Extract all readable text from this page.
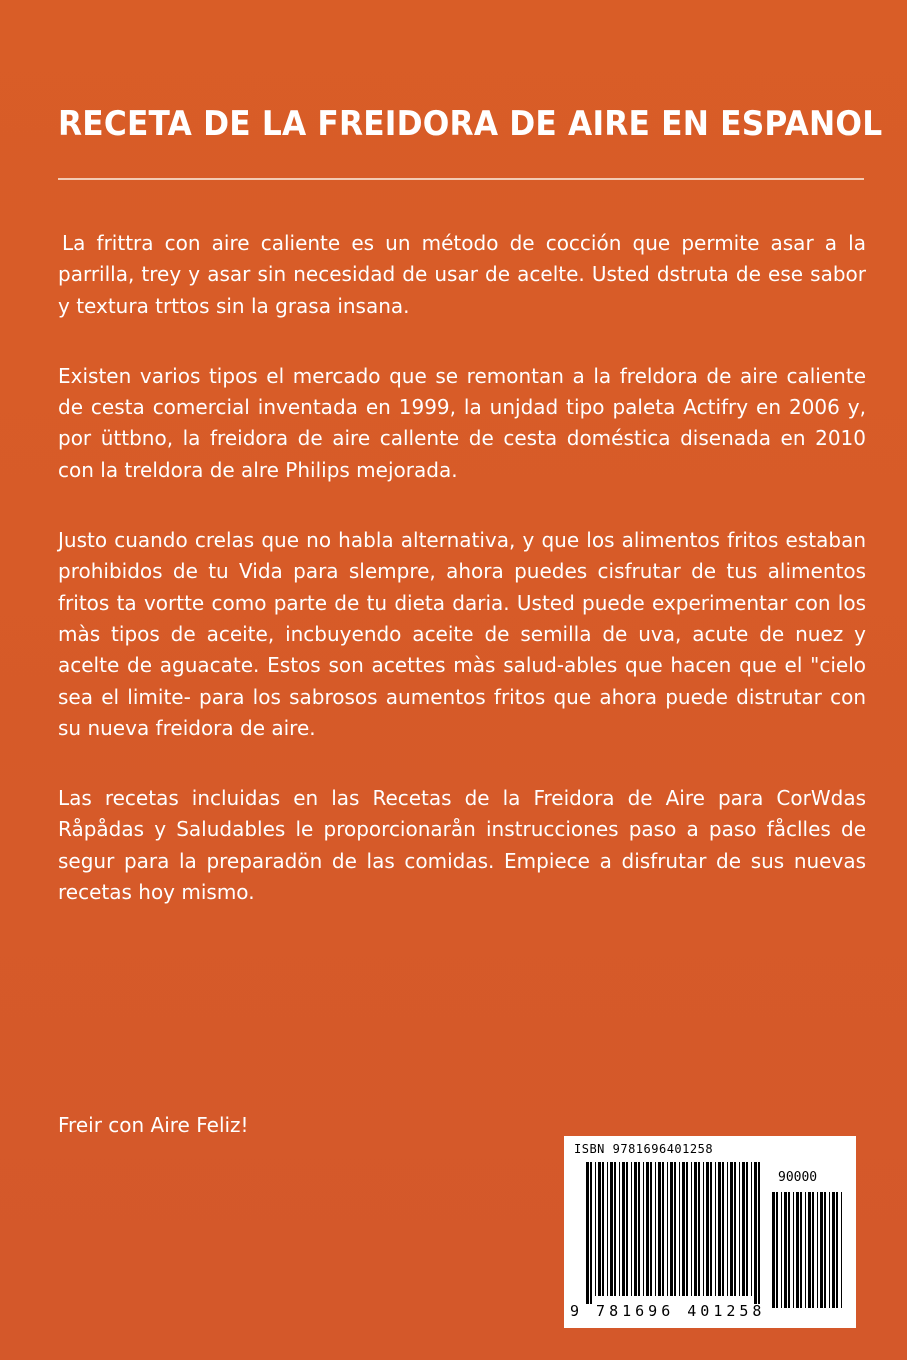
RECETA DE LA FREIDORA DE AIRE EN ESPANOL

La frittra con aire caliente es un método de cocción que permite asar a la parrilla, trey y asar sin necesidad de usar de acelte. Usted dstruta de ese sabor y textura trttos sin la grasa insana.

Existen varios tipos el mercado que se remontan a la freldora de aire caliente de cesta comercial inventada en 1999, la unjdad tipo paleta Actifry en 2006 y, por üttbno, la freidora de aire callente de cesta doméstica disenada en 2010 con la treldora de alre Philips mejorada.

Justo cuando crelas que no habla alternativa, y que los alimentos fritos estaban prohibidos de tu Vida para slempre, ahora puedes cisfrutar de tus alimentos fritos ta vortte como parte de tu dieta daria. Usted puede experimentar con los màs tipos de aceite, incbuyendo aceite de semilla de uva, acute de nuez y acelte de aguacate. Estos son acettes màs salud-ables que hacen que el "cielo sea el limite- para los sabrosos aumentos fritos que ahora puede distrutar con su nueva freidora de aire.

Las recetas incluidas en las Recetas de la Freidora de Aire para CorWdas Råpådas y Saludables le proporcionarån instrucciones paso a paso fåclles de segur para la preparadön de las comidas. Empiece a disfrutar de sus nuevas recetas hoy mismo.

Freir con Aire Feliz!
ISBN 9781696401258
90000
9 781696 401258
